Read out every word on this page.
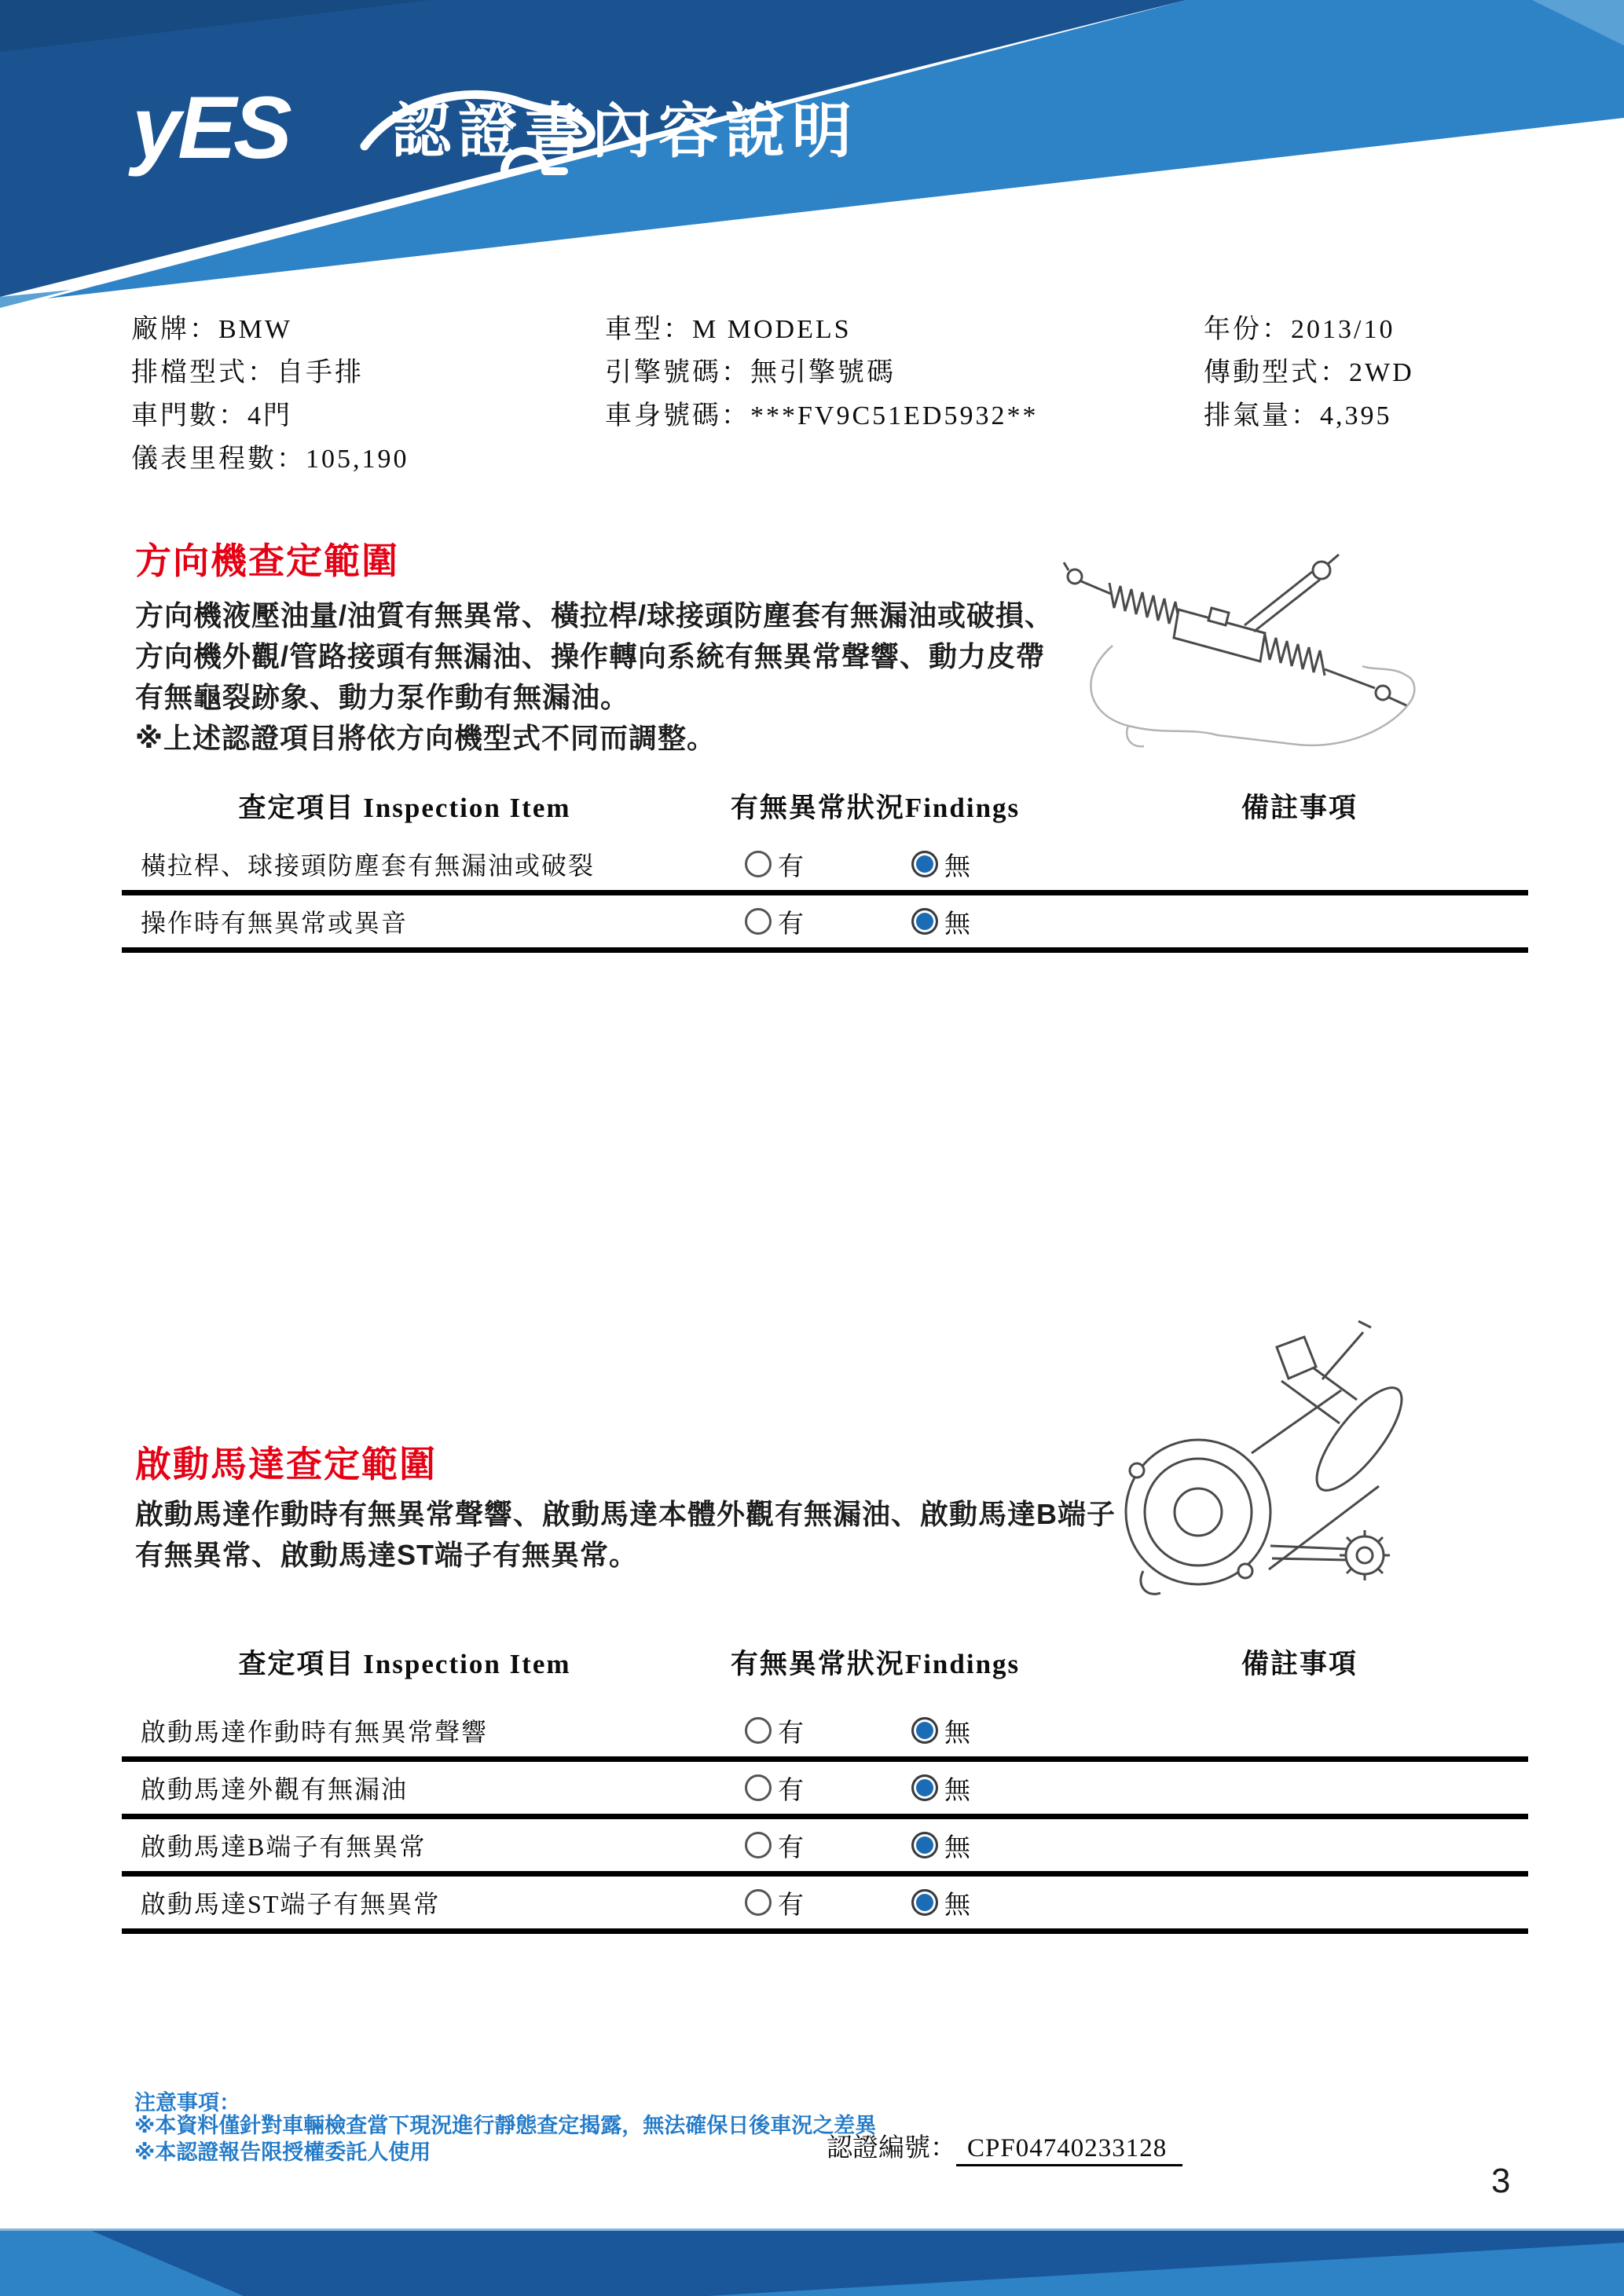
yES 認證書內容說明
廠牌：BMW
排檔型式：自手排
車門數：4門
儀表里程數：105,190
車型：M MODELS
引擎號碼：無引擎號碼
車身號碼：***FV9C51ED5932**
年份：2013/10
傳動型式：2WD
排氣量：4,395
方向機查定範圍
方向機液壓油量/油質有無異常、橫拉桿/球接頭防塵套有無漏油或破損、
方向機外觀/管路接頭有無漏油、操作轉向系統有無異常聲響、動力皮帶
有無龜裂跡象、動力泵作動有無漏油。
※上述認證項目將依方向機型式不同而調整。
查定項目 Inspection Item	有無異常狀況Findings	備註事項
橫拉桿、球接頭防塵套有無漏油或破裂	有	無
操作時有無異常或異音	有	無
啟動馬達查定範圍
啟動馬達作動時有無異常聲響、啟動馬達本體外觀有無漏油、啟動馬達B端子
有無異常、啟動馬達ST端子有無異常。
查定項目 Inspection Item	有無異常狀況Findings	備註事項
啟動馬達作動時有無異常聲響	有	無
啟動馬達外觀有無漏油	有	無
啟動馬達B端子有無異常	有	無
啟動馬達ST端子有無異常	有	無
注意事項：
※本資料僅針對車輛檢查當下現況進行靜態查定揭露，無法確保日後車況之差異
※本認證報告限授權委託人使用	認證編號： CPF04740233128
3
